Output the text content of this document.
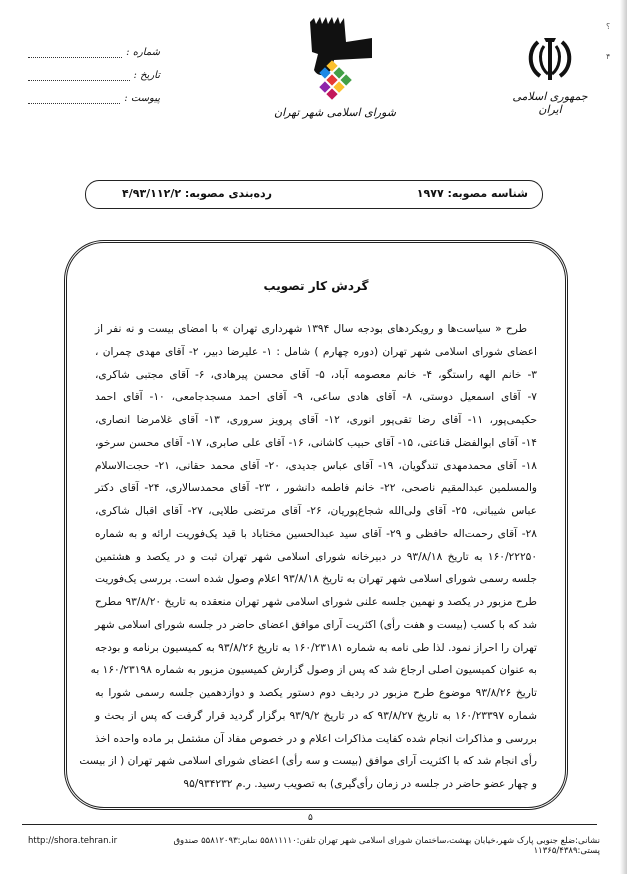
؟
۴
جمهوری اسلامی ایران
شورای اسلامی شهر تهران
شماره :
تاریخ :
پیوست :
شناسه مصوبه: ۱۹۷۷
رده‌بندی مصوبه: ۴/۹۳/۱۱۲/۲
گردش کار تصویب
طرح « سیاست‌ها و رویکردهای بودجه سال ۱۳۹۴ شهرداری تهران » با امضای بیست و نه نفر از
اعضای شورای اسلامی شهر تهران (دوره چهارم ) شامل : ۱- علیرضا دبیر، ۲- آقای مهدی چمران ،
۳- خانم الهه راستگو، ۴- خانم معصومه آباد، ۵- آقای محسن پیرهادی، ۶- آقای مجتبی شاکری،
۷- آقای اسمعیل دوستی، ۸- آقای هادی ساعی، ۹- آقای احمد مسجدجامعی، ۱۰- آقای احمد
حکیمی‌پور، ۱۱- آقای رضا تقی‌پور انوری، ۱۲- آقای پرویز سروری، ۱۳- آقای غلامرضا انصاری،
۱۴- آقای ابوالفضل قناعتی، ۱۵- آقای حبیب کاشانی، ۱۶- آقای علی صابری، ۱۷- آقای محسن سرخو،
۱۸- آقای محمدمهدی تندگویان، ۱۹- آقای عباس جدیدی، ۲۰- آقای محمد حقانی، ۲۱- حجت‌الاسلام
والمسلمین عبدالمقیم ناصحی، ۲۲- خانم فاطمه دانشور ، ۲۳- آقای محمدسالاری، ۲۴- آقای دکتر
عباس شیبانی، ۲۵- آقای ولی‌الله شجاع‌پوریان، ۲۶- آقای مرتضی طلایی، ۲۷- آقای اقبال شاکری،
۲۸- آقای رحمت‌اله حافظی و ۲۹- آقای سید عبدالحسین مختاباد با قید یک‌فوریت ارائه و به شماره
۱۶۰/۲۲۲۵۰ به تاریخ ۹۳/۸/۱۸ در دبیرخانه شورای اسلامی شهر تهران ثبت و در یکصد و هشتمین
جلسه رسمی شورای اسلامی شهر تهران به تاریخ ۹۳/۸/۱۸ اعلام وصول شده است. بررسی یک‌فوریت
طرح مزبور در یکصد و نهمین جلسه علنی شورای اسلامی شهر تهران منعقده به تاریخ ۹۳/۸/۲۰ مطرح
شد که با کسب (بیست و هفت رأی) اکثریت آرای موافق اعضای حاضر در جلسه شورای اسلامی شهر
تهران را احراز نمود. لذا طی نامه به شماره ۱۶۰/۲۳۱۸۱ به تاریخ ۹۳/۸/۲۶ به کمیسیون برنامه و بودجه
به عنوان کمیسیون اصلی ارجاع شد که پس از وصول گزارش کمیسیون مزبور به شماره ۱۶۰/۲۳۱۹۸ به
تاریخ ۹۳/۸/۲۶ موضوع طرح مزبور در ردیف دوم دستور یکصد و دوازدهمین جلسه رسمی شورا به
شماره ۱۶۰/۲۳۳۹۷ به تاریخ ۹۳/۸/۲۷ که در تاریخ ۹۳/۹/۲ برگزار گردید قرار گرفت که پس از بحث و
بررسی و مذاکرات انجام شده کفایت مذاکرات اعلام و در خصوص مفاد آن مشتمل بر ماده واحده اخذ
رأی انجام شد که با اکثریت آرای موافق (بیست و سه رأی) اعضای شورای اسلامی شهر تهران ( از بیست
و چهار عضو حاضر در جلسه در زمان رأی‌گیری) به تصویب رسید. ر.م ۹۵/۹۳۴۲۳۲
۵
نشانی:ضلع جنوبی پارک شهر،خیابان بهشت،ساختمان شورای اسلامی شهر تهران تلفن:۵۵۸۱۱۱۱۰ نمابر:۵۵۸۱۲۰۹۳ صندوق پستی:۱۱۳۶۵/۴۳۸۹
http://shora.tehran.ir
